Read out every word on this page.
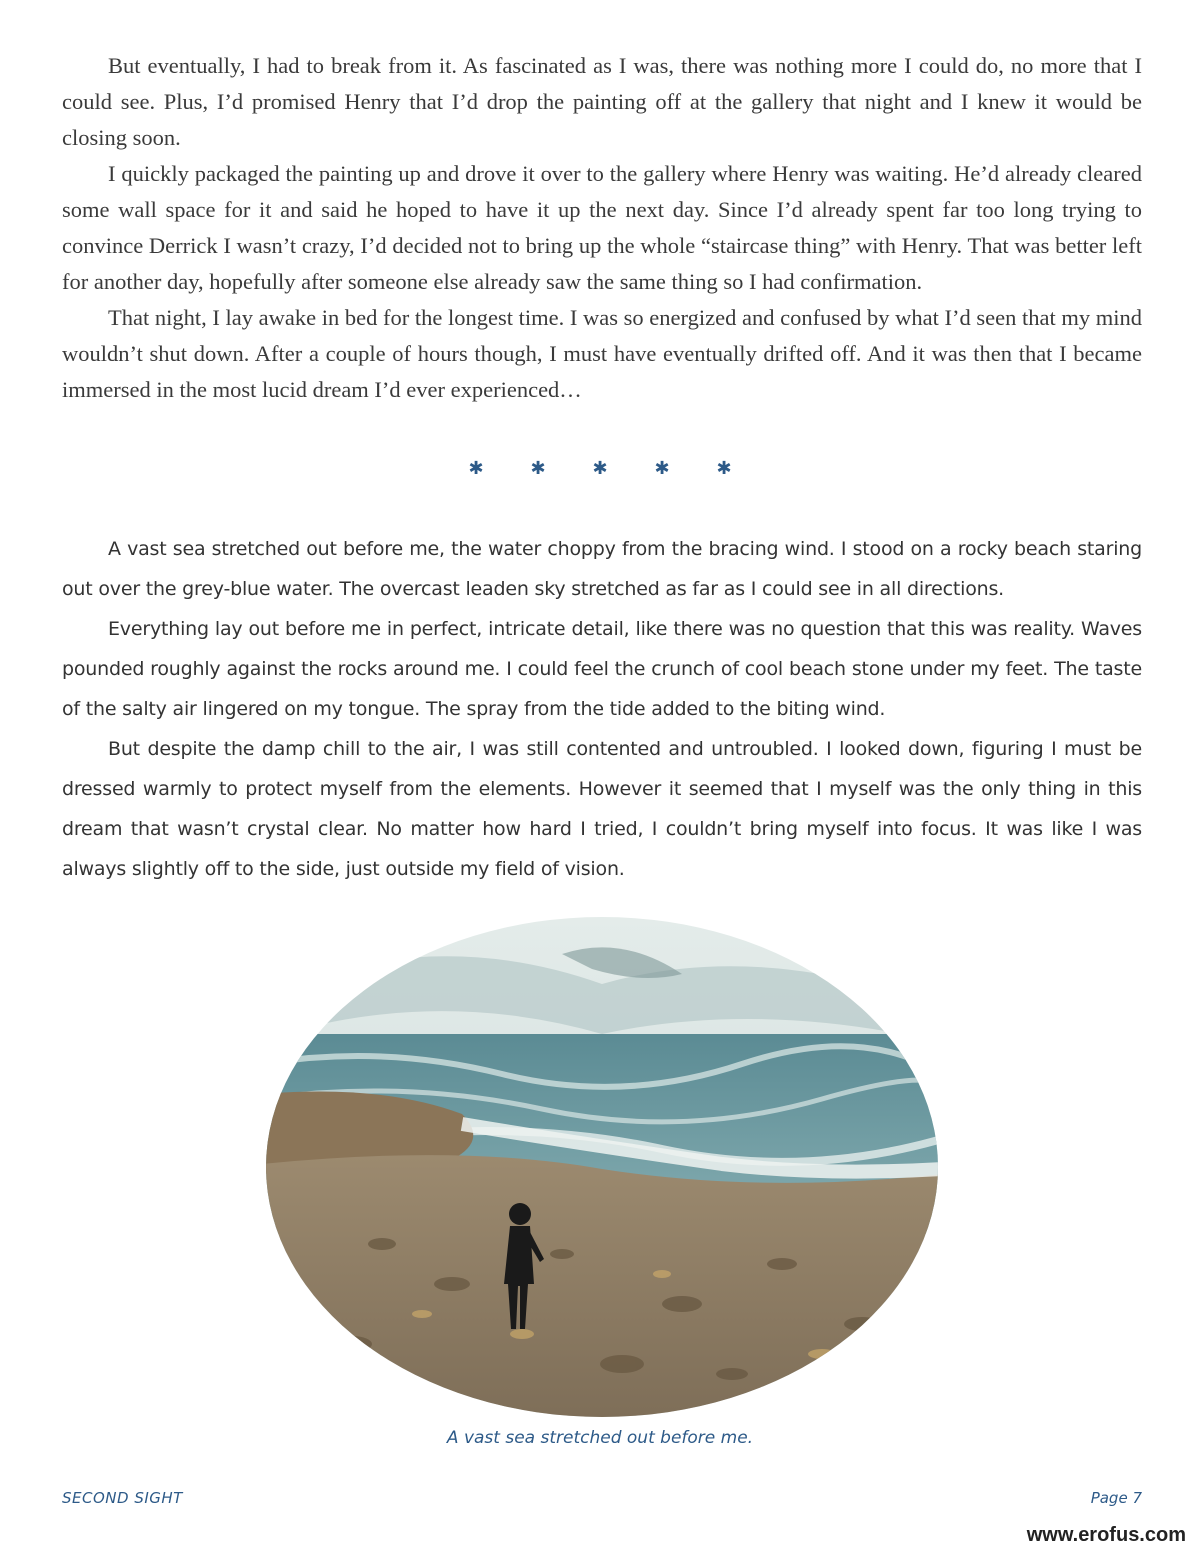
But eventually, I had to break from it. As fascinated as I was, there was nothing more I could do, no more that I could see. Plus, I’d promised Henry that I’d drop the painting off at the gallery that night and I knew it would be closing soon.

I quickly packaged the painting up and drove it over to the gallery where Henry was waiting. He’d already cleared some wall space for it and said he hoped to have it up the next day. Since I’d already spent far too long trying to convince Derrick I wasn’t crazy, I’d decided not to bring up the whole “staircase thing” with Henry. That was better left for another day, hopefully after someone else already saw the same thing so I had confirmation.

That night, I lay awake in bed for the longest time. I was so energized and confused by what I’d seen that my mind wouldn’t shut down. After a couple of hours though, I must have eventually drifted off. And it was then that I became immersed in the most lucid dream I’d ever experienced…

✱	✱	✱	✱	✱

A vast sea stretched out before me, the water choppy from the bracing wind. I stood on a rocky beach staring out over the grey-blue water. The overcast leaden sky stretched as far as I could see in all directions.

Everything lay out before me in perfect, intricate detail, like there was no question that this was reality. Waves pounded roughly against the rocks around me. I could feel the crunch of cool beach stone under my feet. The taste of the salty air lingered on my tongue. The spray from the tide added to the biting wind.

But despite the damp chill to the air, I was still contented and untroubled. I looked down, figuring I must be dressed warmly to protect myself from the elements. However it seemed that I myself was the only thing in this dream that wasn’t crystal clear. No matter how hard I tried, I couldn’t bring myself into focus. It was like I was always slightly off to the side, just outside my field of vision.

A vast sea stretched out before me.
SECOND SIGHT	Page 7
www.erofus.com
